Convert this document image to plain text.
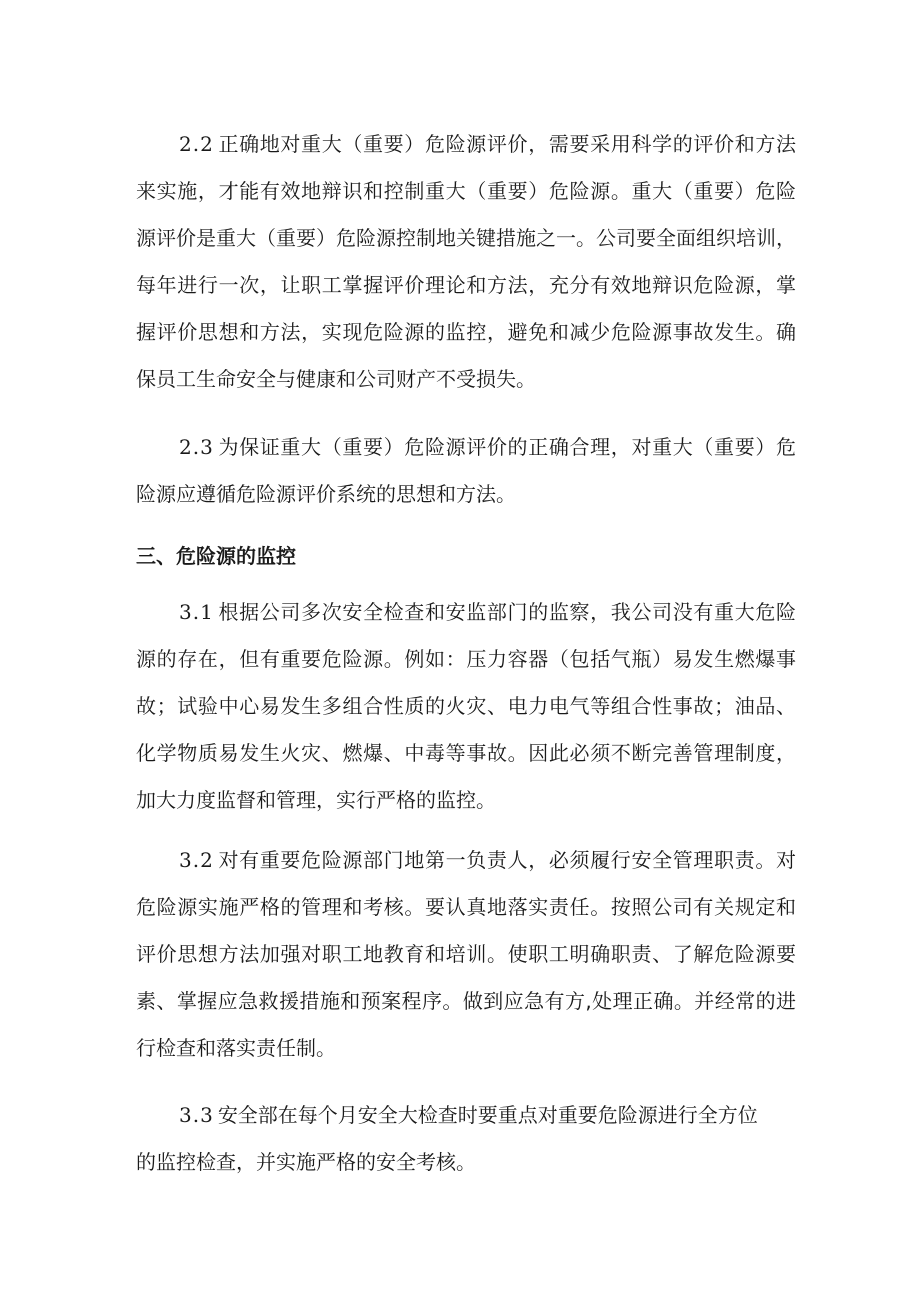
2.2 正确地对重大（重要）危险源评价，需要采用科学的评价和方法
来实施，才能有效地辩识和控制重大（重要）危险源。重大（重要）危险
源评价是重大（重要）危险源控制地关键措施之一。公司要全面组织培训，
每年进行一次，让职工掌握评价理论和方法，充分有效地辩识危险源，掌
握评价思想和方法，实现危险源的监控，避免和减少危险源事故发生。确
保员工生命安全与健康和公司财产不受损失。
2.3 为保证重大（重要）危险源评价的正确合理，对重大（重要）危
险源应遵循危险源评价系统的思想和方法。
三、危险源的监控
3.1 根据公司多次安全检查和安监部门的监察，我公司没有重大危险
源的存在，但有重要危险源。例如：压力容器（包括气瓶）易发生燃爆事
故；试验中心易发生多组合性质的火灾、电力电气等组合性事故；油品、
化学物质易发生火灾、燃爆、中毒等事故。因此必须不断完善管理制度，
加大力度监督和管理，实行严格的监控。
3.2 对有重要危险源部门地第一负责人，必须履行安全管理职责。对
危险源实施严格的管理和考核。要认真地落实责任。按照公司有关规定和
评价思想方法加强对职工地教育和培训。使职工明确职责、了解危险源要
素、掌握应急救援措施和预案程序。做到应急有方,处理正确。并经常的进
行检查和落实责任制。
3.3 安全部在每个月安全大检查时要重点对重要危险源进行全方位
的监控检查，并实施严格的安全考核。
